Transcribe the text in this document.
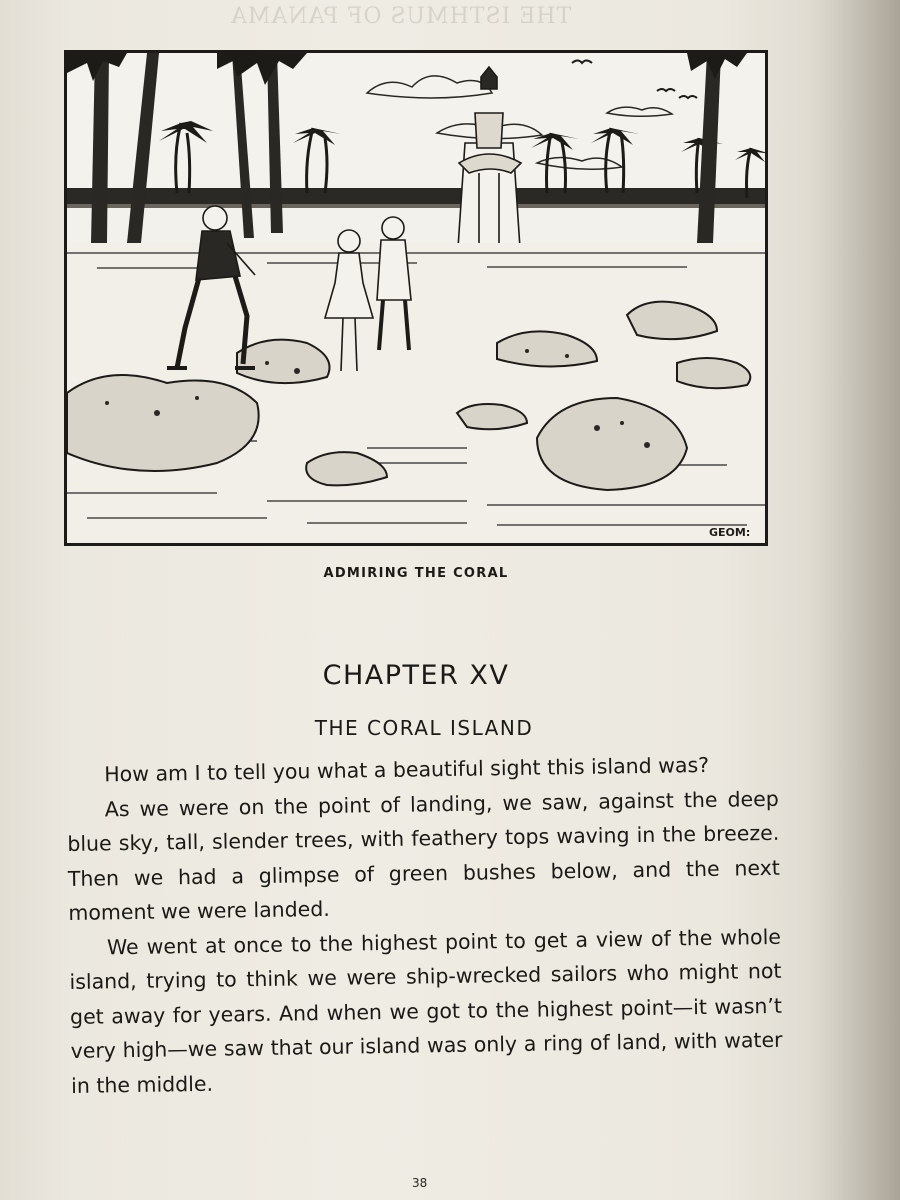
THE ISTHMUS OF PANAMA
GEOM:
ADMIRING THE CORAL
CHAPTER XV
THE CORAL ISLAND

How am I to tell you what a beautiful sight this island was?

As we were on the point of landing, we saw, against the deep blue sky, tall, slender trees, with feathery tops waving in the breeze. Then we had a glimpse of green bushes below, and the next moment we were landed.

We went at once to the highest point to get a view of the whole island, trying to think we were ship-wrecked sailors who might not get away for years. And when we got to the highest point—it wasn’t very high—we saw that our island was only a ring of land, with water in the middle.

38
